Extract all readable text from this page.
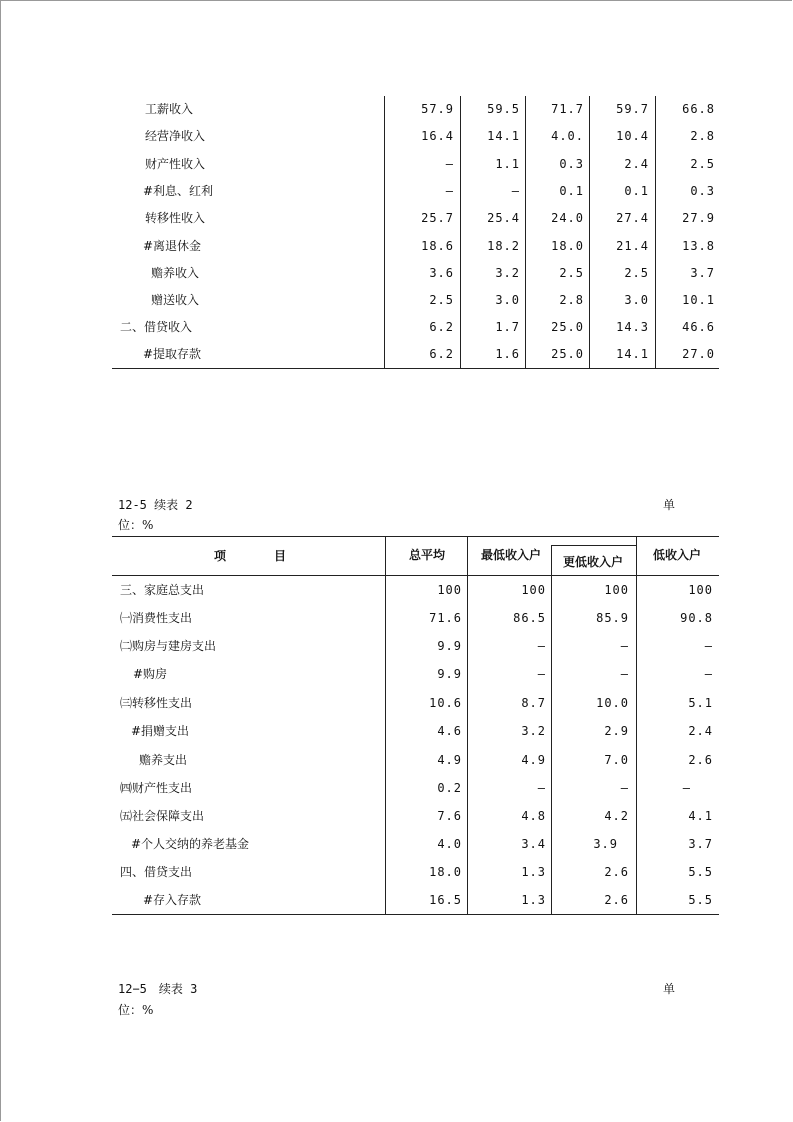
工薪收入	57.9	59.5	71.7	59.7	66.8
经营净收入	16.4	14.1	4.0.	10.4	2.8
财产性收入	–	1.1	0.3	2.4	2.5
#利息、红利	–	–	0.1	0.1	0.3
转移性收入	25.7	25.4	24.0	27.4	27.9
#离退休金	18.6	18.2	18.0	21.4	13.8
赡养收入	3.6	3.2	2.5	2.5	3.7
赠送收入	2.5	3.0	2.8	3.0	10.1
二、借贷收入	6.2	1.7	25.0	14.3	46.6
#提取存款	6.2	1.6	25.0	14.1	27.0
12-5 续表 2	单
位：%
项　　　　目	总平均	最低收入户 更低收入户 低收入户
三、家庭总支出	100	100	100	100
㈠消费性支出	71.6	86.5	85.9	90.8
㈡购房与建房支出	9.9	–	–	–
#购房	9.9	–	–	–
㈢转移性支出	10.6	8.7	10.0	5.1
#捐赠支出	4.6	3.2	2.9	2.4
赡养支出	4.9	4.9	7.0	2.6
㈣财产性支出	0.2	–	–	–
㈤社会保障支出	7.6	4.8	4.2	4.1
#个人交纳的养老基金	4.0	3.4	3.9	3.7
四、借贷支出	18.0	1.3	2.6	5.5
#存入存款	16.5	1.3	2.6	5.5
12−5　续表 3	单
位：%
